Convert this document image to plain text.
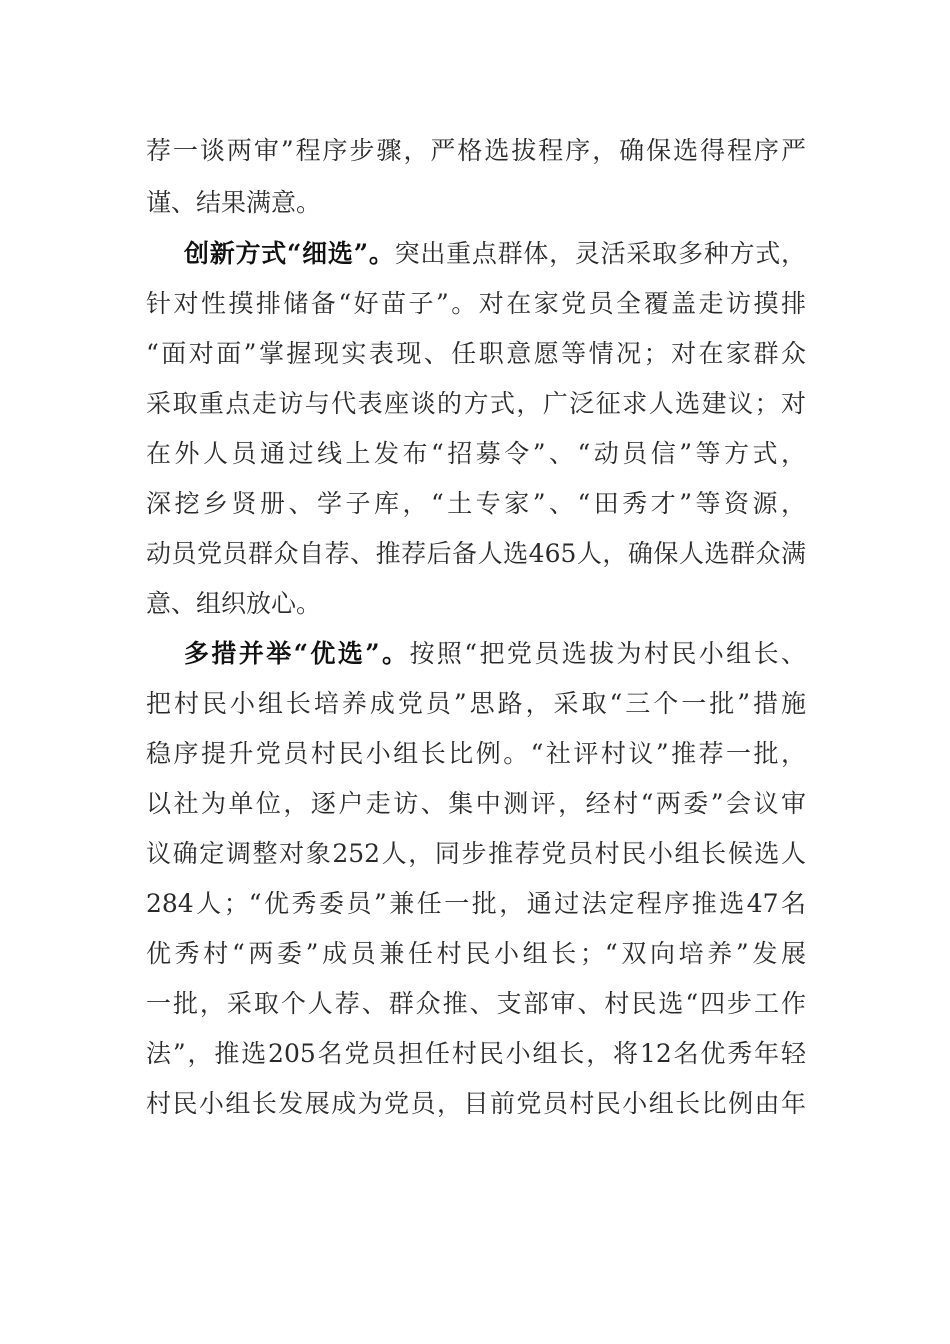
荐一谈两审”程序步骤，严格选拔程序，确保选得程序严
谨、结果满意。
创新方式“细选”。突出重点群体，灵活采取多种方式，
针对性摸排储备“好苗子”。对在家党员全覆盖走访摸排
“面对面”掌握现实表现、任职意愿等情况；对在家群众
采取重点走访与代表座谈的方式，广泛征求人选建议；对
在外人员通过线上发布“招募令”、“动员信”等方式，
深挖乡贤册、学子库，“土专家”、“田秀才”等资源，
动员党员群众自荐、推荐后备人选465人，确保人选群众满
意、组织放心。
多措并举“优选”。按照“把党员选拔为村民小组长、
把村民小组长培养成党员”思路，采取“三个一批”措施
稳序提升党员村民小组长比例。“社评村议”推荐一批，
以社为单位，逐户走访、集中测评，经村“两委”会议审
议确定调整对象252人，同步推荐党员村民小组长候选人
284人；“优秀委员”兼任一批，通过法定程序推选47名
优秀村“两委”成员兼任村民小组长；“双向培养”发展
一批，采取个人荐、群众推、支部审、村民选“四步工作
法”，推选205名党员担任村民小组长，将12名优秀年轻
村民小组长发展成为党员，目前党员村民小组长比例由年
